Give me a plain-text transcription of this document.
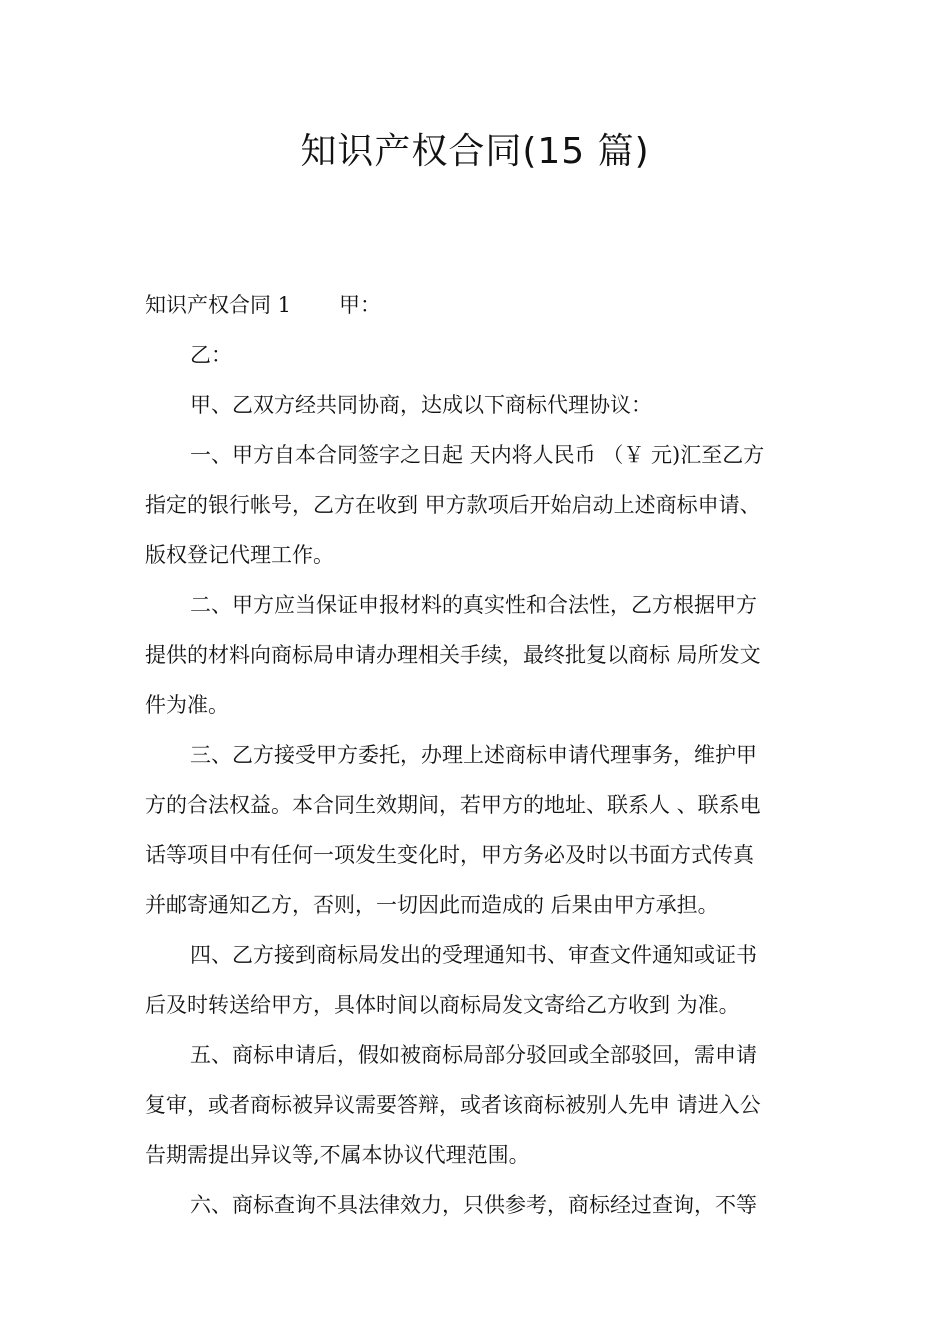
知识产权合同(15 篇)

知识产权合同 1 甲：

乙：

甲、乙双方经共同协商，达成以下商标代理协议：

一、甲方自本合同签字之日起 天内将人民币 （￥ 元)汇至乙方

指定的银行帐号，乙方在收到 甲方款项后开始启动上述商标申请、

版权登记代理工作。

二、甲方应当保证申报材料的真实性和合法性，乙方根据甲方

提供的材料向商标局申请办理相关手续，最终批复以商标 局所发文

件为准。

三、乙方接受甲方委托，办理上述商标申请代理事务，维护甲

方的合法权益。本合同生效期间，若甲方的地址、联系人 、联系电

话等项目中有任何一项发生变化时，甲方务必及时以书面方式传真

并邮寄通知乙方，否则，一切因此而造成的 后果由甲方承担。

四、乙方接到商标局发出的受理通知书、审查文件通知或证书

后及时转送给甲方，具体时间以商标局发文寄给乙方收到 为准。

五、商标申请后，假如被商标局部分驳回或全部驳回，需申请

复审，或者商标被异议需要答辩，或者该商标被别人先申 请进入公

告期需提出异议等,不属本协议代理范围。

六、商标查询不具法律效力，只供参考，商标经过查询，不等
